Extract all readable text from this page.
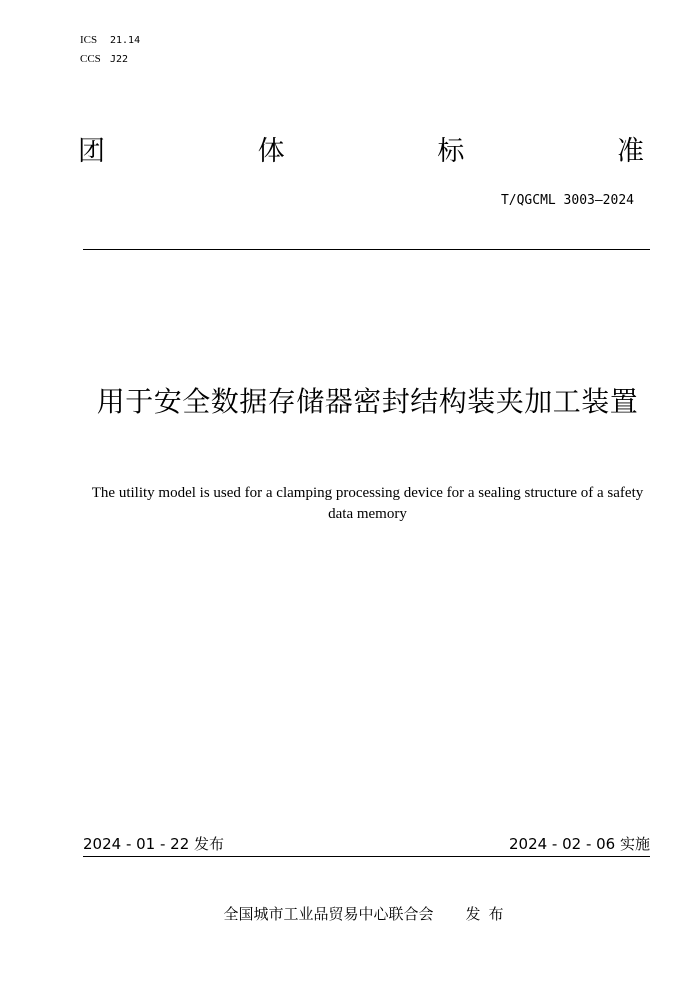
ICS 21.14
CCS J22
团	体	标	准
T/QGCML 3003—2024
用于安全数据存储器密封结构装夹加工装置
The utility model is used for a clamping processing device for a sealing structure of a safety data memory
2024 - 01 - 22 发布	2024 - 02 - 06 实施
全国城市工业品贸易中心联合会 发布
